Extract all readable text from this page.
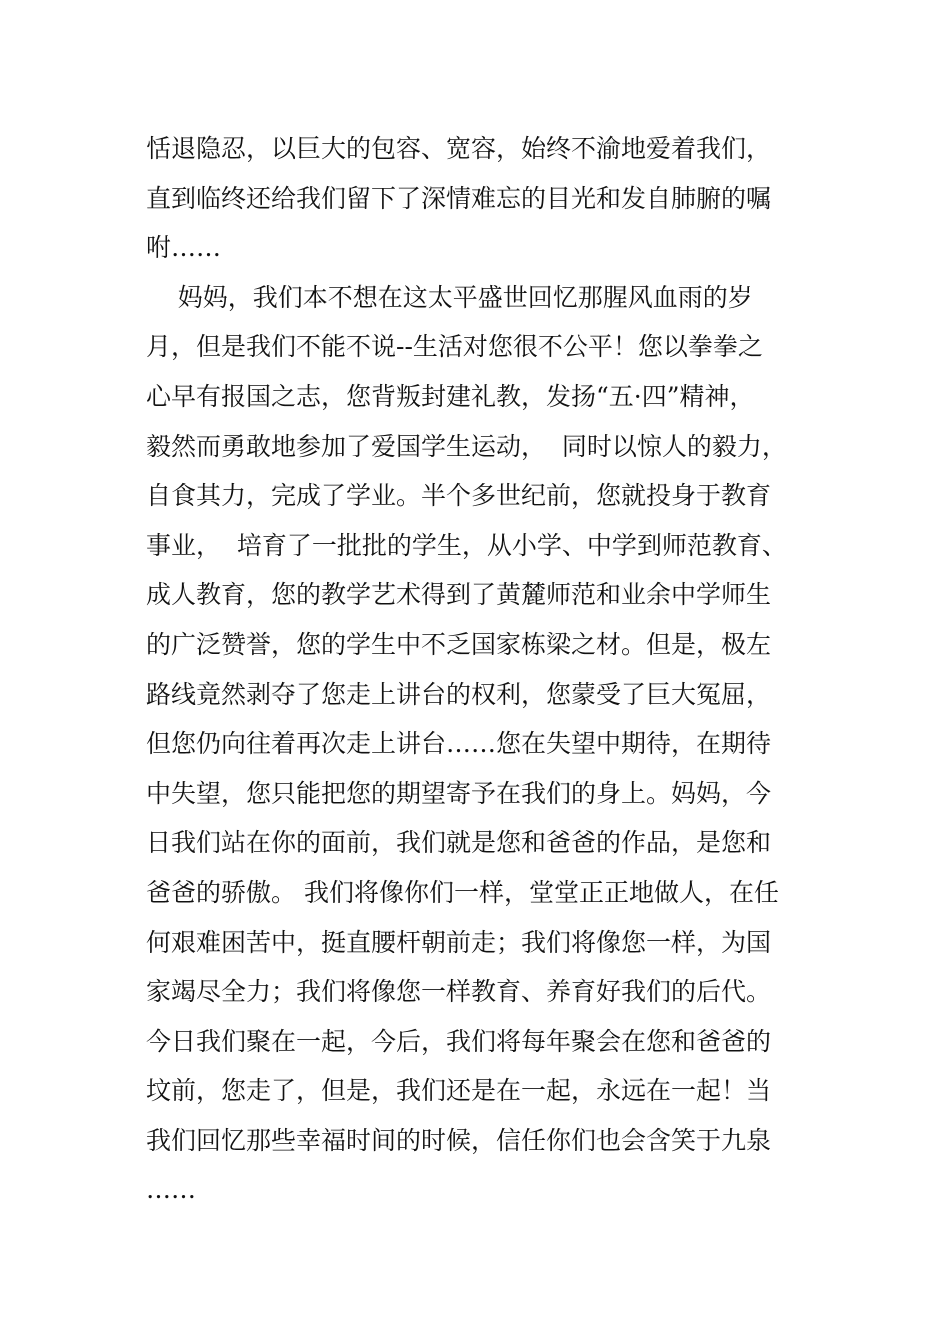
恬退隐忍，以巨大的包容、宽容，始终不渝地爱着我们，
直到临终还给我们留下了深情难忘的目光和发自肺腑的嘱
咐……
妈妈，我们本不想在这太平盛世回忆那腥风血雨的岁
月，但是我们不能不说--生活对您很不公平！您以拳拳之
心早有报国之志，您背叛封建礼教，发扬“五·四”精神，
毅然而勇敢地参加了爱国学生运动，  同时以惊人的毅力，
自食其力，完成了学业。半个多世纪前，您就投身于教育
事业，  培育了一批批的学生，从小学、中学到师范教育、
成人教育，您的教学艺术得到了黄麓师范和业余中学师生
的广泛赞誉，您的学生中不乏国家栋梁之材。但是，极左
路线竟然剥夺了您走上讲台的权利，您蒙受了巨大冤屈，
但您仍向往着再次走上讲台……您在失望中期待，在期待
中失望，您只能把您的期望寄予在我们的身上。妈妈，今
日我们站在你的面前，我们就是您和爸爸的作品，是您和
爸爸的骄傲。 我们将像你们一样，堂堂正正地做人，在任
何艰难困苦中，挺直腰杆朝前走；我们将像您一样，为国
家竭尽全力；我们将像您一样教育、养育好我们的后代。
今日我们聚在一起，今后，我们将每年聚会在您和爸爸的
坟前，您走了，但是，我们还是在一起，永远在一起！当
我们回忆那些幸福时间的时候，信任你们也会含笑于九泉
……
